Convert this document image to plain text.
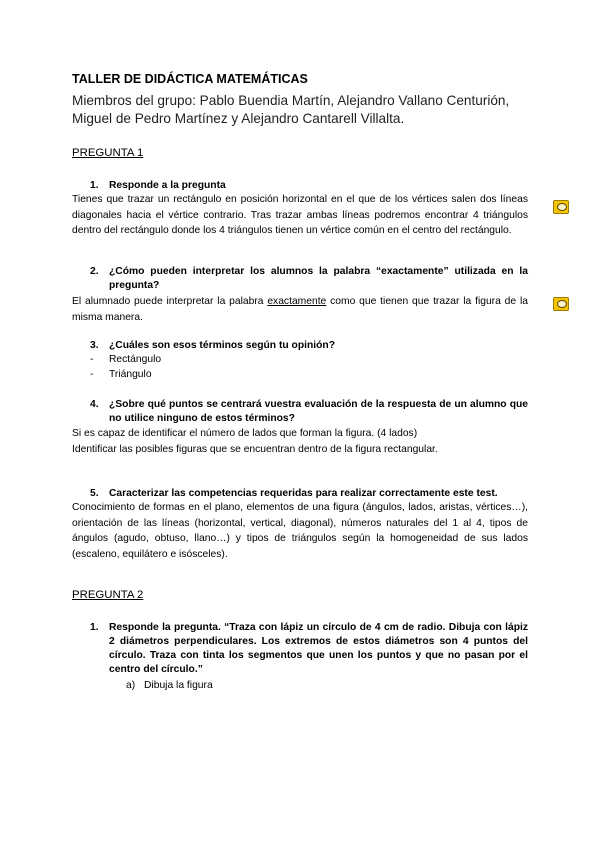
TALLER DE DIDÁCTICA MATEMÁTICAS
Miembros del grupo: Pablo Buendia Martín, Alejandro Vallano Centurión,
Miguel de Pedro Martínez y Alejandro Cantarell Villalta.
PREGUNTA 1
1. Responde a la pregunta
Tienes que trazar un rectángulo en posición horizontal en el que de los vértices salen dos líneas diagonales hacia el vértice contrario. Tras trazar ambas líneas podremos encontrar 4 triángulos dentro del rectángulo donde los 4 triángulos tienen un vértice común en el centro del rectángulo.
2. ¿Cómo pueden interpretar los alumnos la palabra “exactamente” utilizada en la pregunta?
El alumnado puede interpretar la palabra exactamente como que tienen que trazar la figura de la misma manera.
3. ¿Cuáles son esos términos según tu opinión?
- Rectángulo
- Triángulo
4. ¿Sobre qué puntos se centrará vuestra evaluación de la respuesta de un alumno que no utilice ninguno de estos términos?
Si es capaz de identificar el número de lados que forman la figura. (4 lados)
Identificar las posibles figuras que se encuentran dentro de la figura rectangular.
5. Caracterizar las competencias requeridas para realizar correctamente este test.
Conocimiento de formas en el plano, elementos de una figura (ángulos, lados, aristas, vértices…), orientación de las líneas (horizontal, vertical, diagonal), números naturales del 1 al 4, tipos de ángulos (agudo, obtuso, llano…) y tipos de triángulos según la homogeneidad de sus lados (escaleno, equilátero e isósceles).
PREGUNTA 2
1. Responde la pregunta. “Traza con lápiz un círculo de 4 cm de radio. Dibuja con lápiz 2 diámetros perpendiculares. Los extremos de estos diámetros son 4 puntos del círculo. Traza con tinta los segmentos que unen los puntos y que no pasan por el centro del círculo.”
a) Dibuja la figura
